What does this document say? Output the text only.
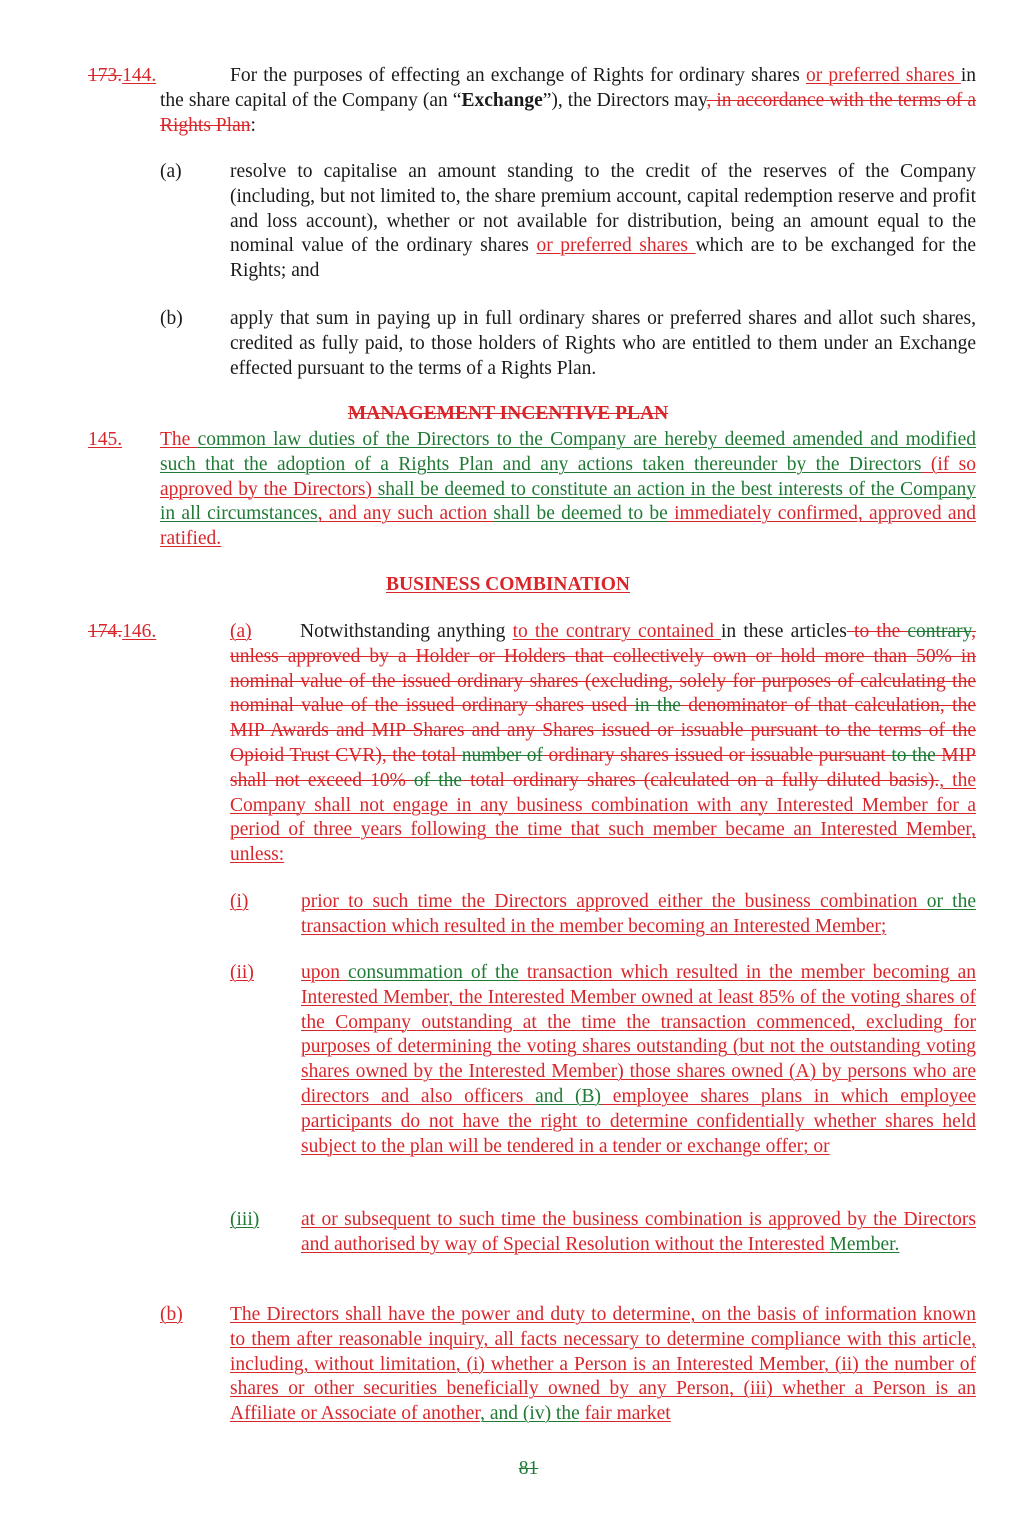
173.144.	For the purposes of effecting an exchange of Rights for ordinary shares or preferred shares in the share capital of the Company (an “Exchange”), the Directors may, in accordance with the terms of a Rights Plan:
(a) resolve to capitalise an amount standing to the credit of the reserves of the Company (including, but not limited to, the share premium account, capital redemption reserve and profit and loss account), whether or not available for distribution, being an amount equal to the nominal value of the ordinary shares or preferred shares which are to be exchanged for the Rights; and
(b) apply that sum in paying up in full ordinary shares or preferred shares and allot such shares, credited as fully paid, to those holders of Rights who are entitled to them under an Exchange effected pursuant to the terms of a Rights Plan.
MANAGEMENT INCENTIVE PLAN
145.	The common law duties of the Directors to the Company are hereby deemed amended and modified such that the adoption of a Rights Plan and any actions taken thereunder by the Directors (if so approved by the Directors) shall be deemed to constitute an action in the best interests of the Company in all circumstances, and any such action shall be deemed to be immediately confirmed, approved and ratified.
BUSINESS COMBINATION
174.146.	(a)	Notwithstanding anything to the contrary contained in these articles to the contrary, unless approved by a Holder or Holders that collectively own or hold more than 50% in nominal value of the issued ordinary shares (excluding, solely for purposes of calculating the nominal value of the issued ordinary shares used in the denominator of that calculation, the MIP Awards and MIP Shares and any Shares issued or issuable pursuant to the terms of the Opioid Trust CVR), the total number of ordinary shares issued or issuable pursuant to the MIP shall not exceed 10% of the total ordinary shares (calculated on a fully diluted basis)., the Company shall not engage in any business combination with any Interested Member for a period of three years following the time that such member became an Interested Member, unless:
(i)	prior to such time the Directors approved either the business combination or the transaction which resulted in the member becoming an Interested Member;
(ii)	upon consummation of the transaction which resulted in the member becoming an Interested Member, the Interested Member owned at least 85% of the voting shares of the Company outstanding at the time the transaction commenced, excluding for purposes of determining the voting shares outstanding (but not the outstanding voting shares owned by the Interested Member) those shares owned (A) by persons who are directors and also officers and (B) employee shares plans in which employee participants do not have the right to determine confidentially whether shares held subject to the plan will be tendered in a tender or exchange offer; or
(iii)	at or subsequent to such time the business combination is approved by the Directors and authorised by way of Special Resolution without the Interested Member.
(b)	The Directors shall have the power and duty to determine, on the basis of information known to them after reasonable inquiry, all facts necessary to determine compliance with this article, including, without limitation, (i) whether a Person is an Interested Member, (ii) the number of shares or other securities beneficially owned by any Person, (iii) whether a Person is an Affiliate or Associate of another, and (iv) the fair market
81
